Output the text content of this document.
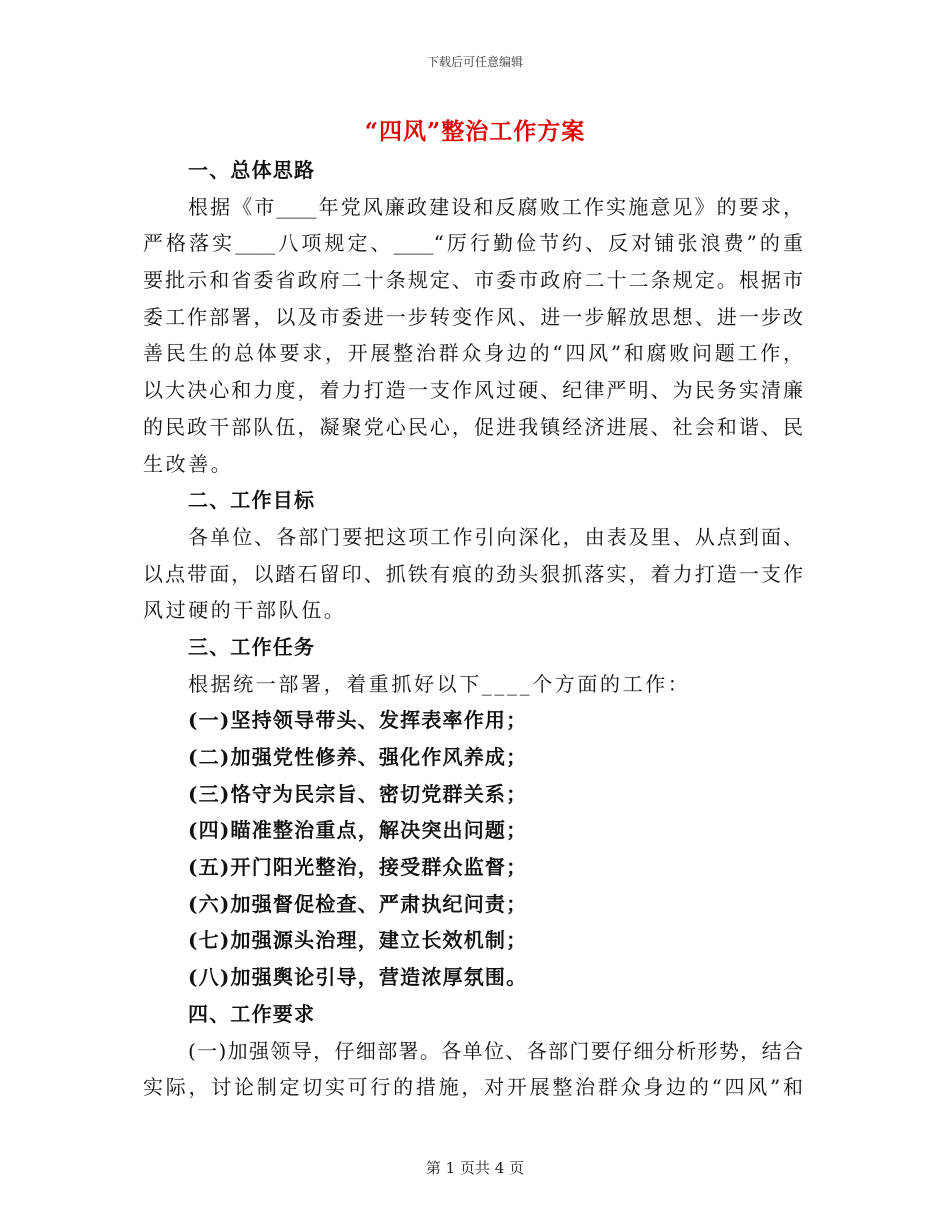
下载后可任意编辑
“四风”整治工作方案
一、总体思路
根据《市____年党风廉政建设和反腐败工作实施意见》的要求，
严格落实____八项规定、____“厉行勤俭节约、反对铺张浪费”的重
要批示和省委省政府二十条规定、市委市政府二十二条规定。根据市
委工作部署，以及市委进一步转变作风、进一步解放思想、进一步改
善民生的总体要求，开展整治群众身边的“四风”和腐败问题工作，
以大决心和力度，着力打造一支作风过硬、纪律严明、为民务实清廉
的民政干部队伍，凝聚党心民心，促进我镇经济进展、社会和谐、民
生改善。
二、工作目标
各单位、各部门要把这项工作引向深化，由表及里、从点到面、
以点带面，以踏石留印、抓铁有痕的劲头狠抓落实，着力打造一支作
风过硬的干部队伍。
三、工作任务
根据统一部署，着重抓好以下____个方面的工作：
(一)坚持领导带头、发挥表率作用；
(二)加强党性修养、强化作风养成；
(三)恪守为民宗旨、密切党群关系；
(四)瞄准整治重点，解决突出问题；
(五)开门阳光整治，接受群众监督；
(六)加强督促检查、严肃执纪问责；
(七)加强源头治理，建立长效机制；
(八)加强舆论引导，营造浓厚氛围。
四、工作要求
(一)加强领导，仔细部署。各单位、各部门要仔细分析形势，结合
实际，讨论制定切实可行的措施，对开展整治群众身边的“四风”和
第 1 页共 4 页
